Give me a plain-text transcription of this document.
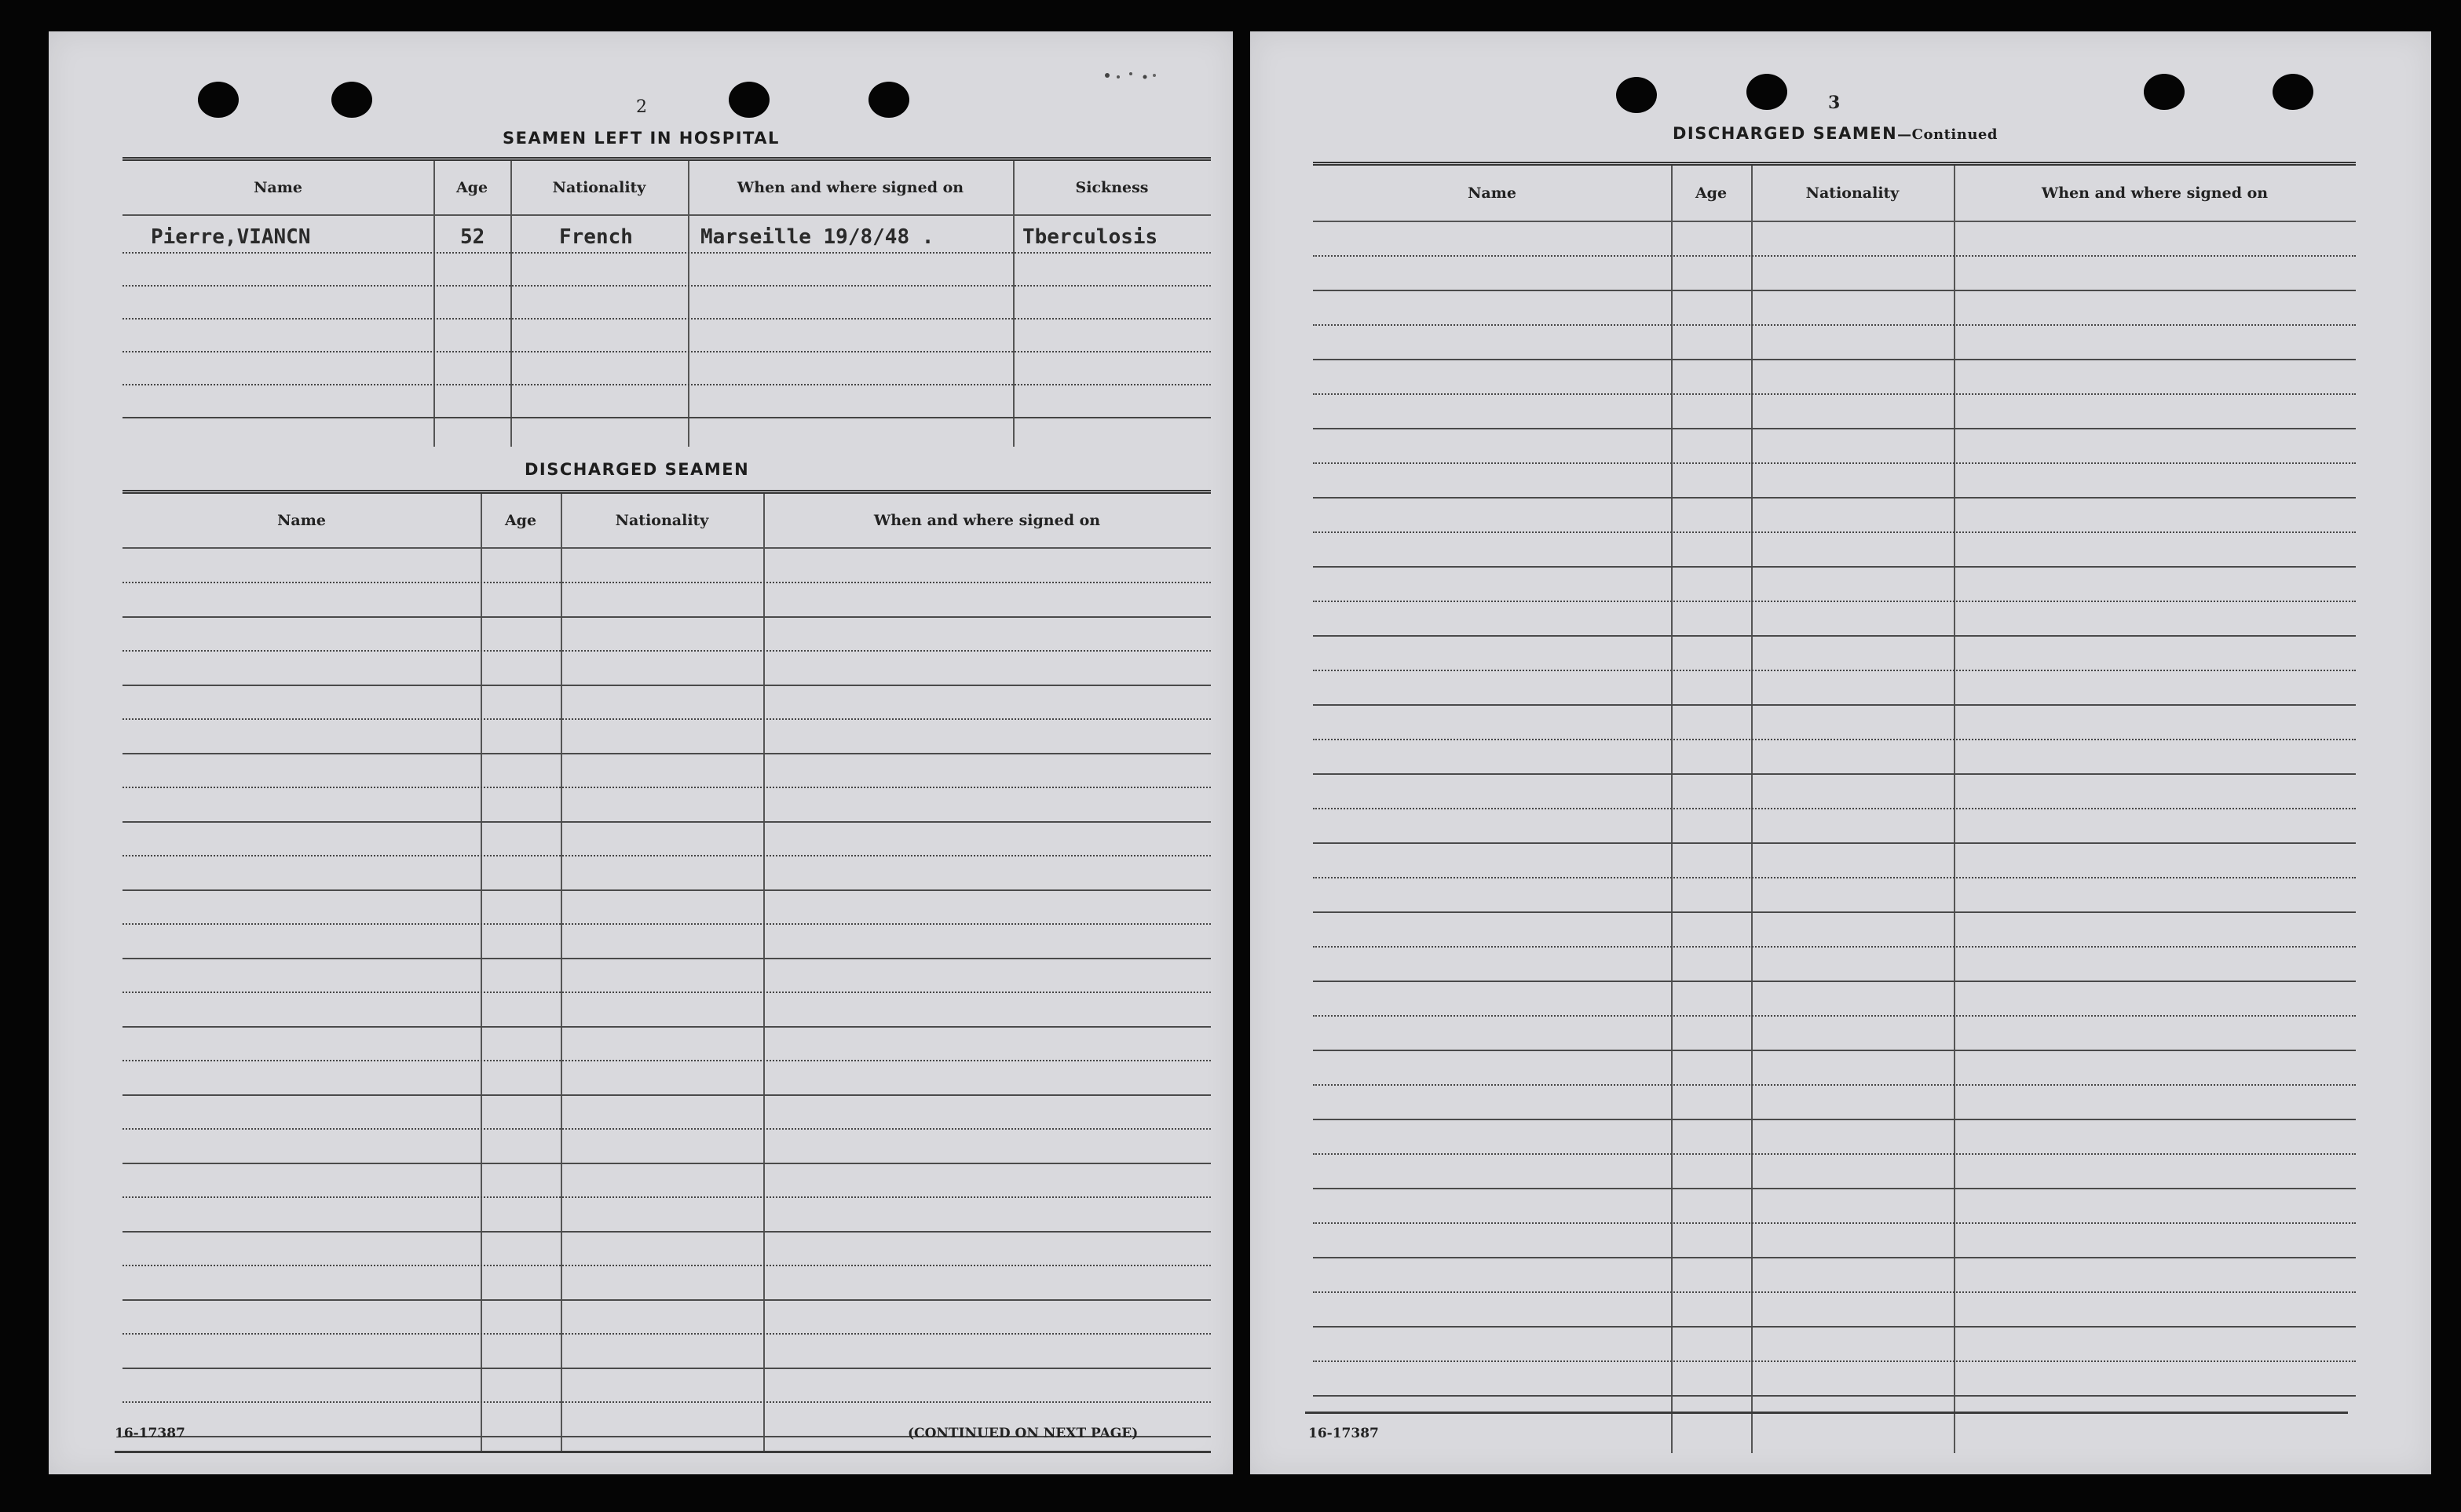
2
SEAMEN LEFT IN HOSPITAL
Name	Age	Nationality	When and where signed on	Sickness
Pierre,VIANCN	52	French	Marseille 19/8/48 .	Tberculosis
DISCHARGED SEAMEN
Name	Age	Nationality	When and where signed on
16-17387	(CONTINUED ON NEXT PAGE)
3
DISCHARGED SEAMEN—Continued
Name	Age	Nationality	When and where signed on
16-17387
